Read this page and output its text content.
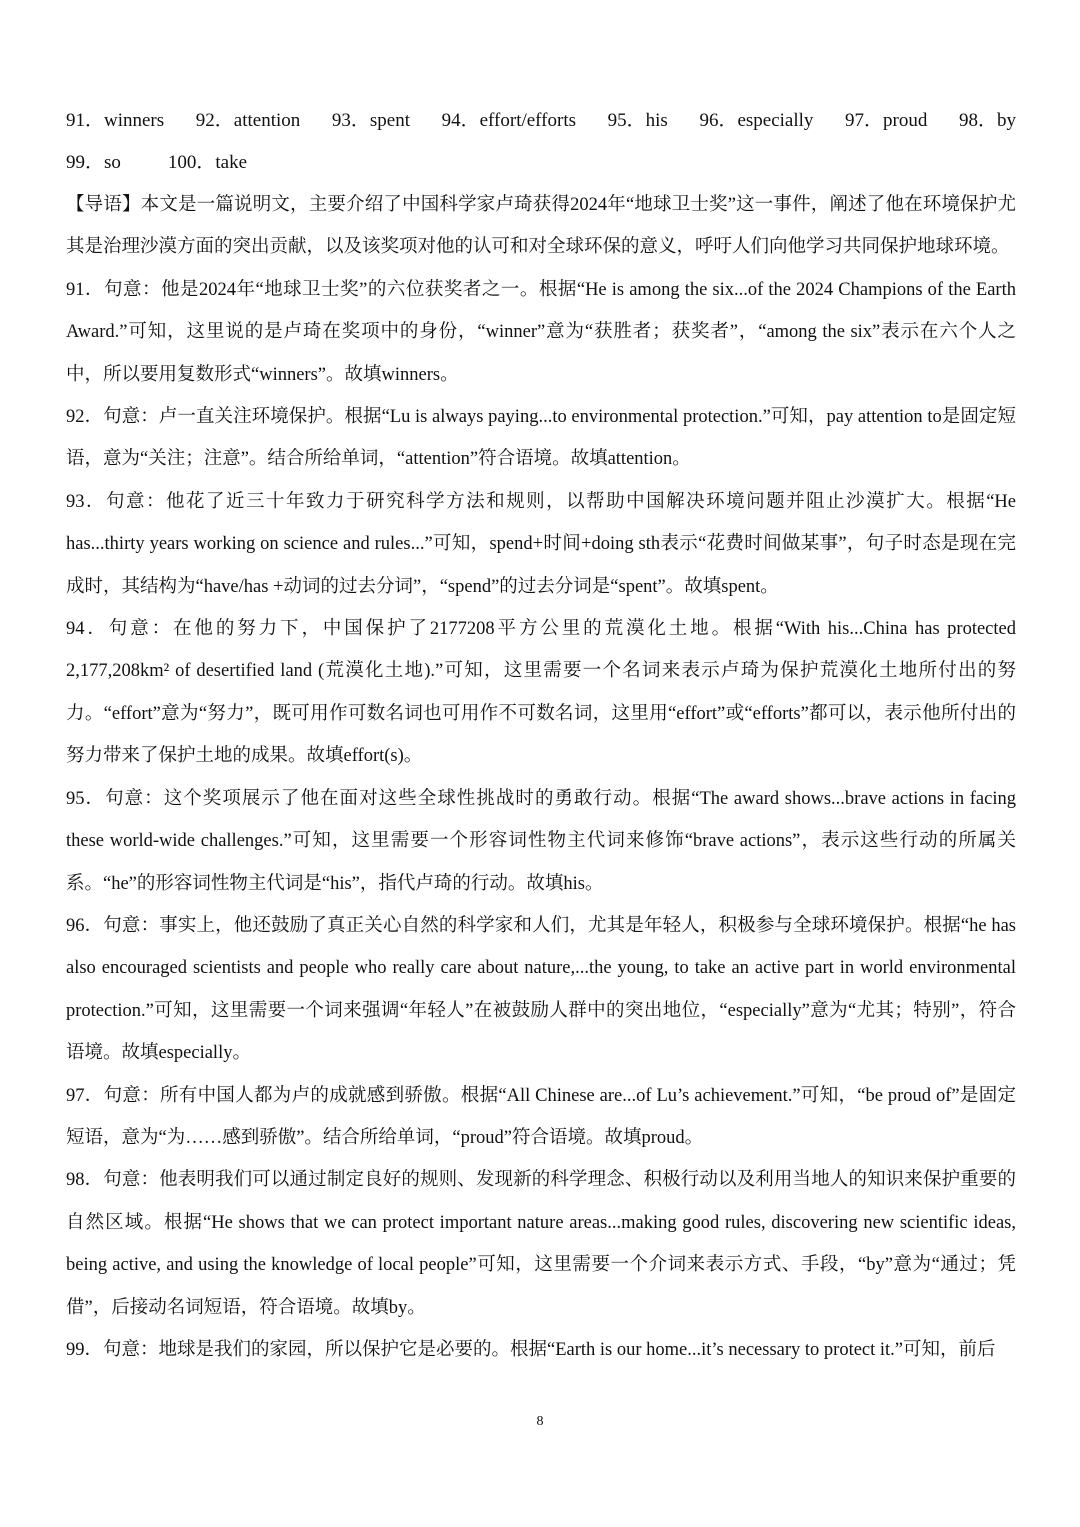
91．winners 92．attention 93．spent 94．effort/efforts 95．his 96．especially 97．proud 98．by
99．so 100．take

【导语】本文是一篇说明文，主要介绍了中国科学家卢琦获得2024年“地球卫士奖”这一事件，阐述了他在环境保护尤其是治理沙漠方面的突出贡献，以及该奖项对他的认可和对全球环保的意义，呼吁人们向他学习共同保护地球环境。

91．句意：他是2024年“地球卫士奖”的六位获奖者之一。根据“He is among the six...of the 2024 Champions of the Earth Award.”可知，这里说的是卢琦在奖项中的身份，“winner”意为“获胜者；获奖者”，“among the six”表示在六个人之中，所以要用复数形式“winners”。故填winners。

92．句意：卢一直关注环境保护。根据“Lu is always paying...to environmental protection.”可知，pay attention to是固定短语，意为“关注；注意”。结合所给单词，“attention”符合语境。故填attention。

93．句意：他花了近三十年致力于研究科学方法和规则，以帮助中国解决环境问题并阻止沙漠扩大。根据“He has...thirty years working on science and rules...”可知，spend+时间+doing sth表示“花费时间做某事”，句子时态是现在完成时，其结构为“have/has +动词的过去分词”，“spend”的过去分词是“spent”。故填spent。

94．句意：在他的努力下，中国保护了2177208平方公里的荒漠化土地。根据“With his...China has protected 2,177,208km² of desertified land (荒漠化土地).”可知，这里需要一个名词来表示卢琦为保护荒漠化土地所付出的努力。“effort”意为“努力”，既可用作可数名词也可用作不可数名词，这里用“effort”或“efforts”都可以，表示他所付出的努力带来了保护土地的成果。故填effort(s)。

95．句意：这个奖项展示了他在面对这些全球性挑战时的勇敢行动。根据“The award shows...brave actions in facing these world-wide challenges.”可知，这里需要一个形容词性物主代词来修饰“brave actions”，表示这些行动的所属关系。“he”的形容词性物主代词是“his”，指代卢琦的行动。故填his。

96．句意：事实上，他还鼓励了真正关心自然的科学家和人们，尤其是年轻人，积极参与全球环境保护。根据“he has also encouraged scientists and people who really care about nature,...the young, to take an active part in world environmental protection.”可知，这里需要一个词来强调“年轻人”在被鼓励人群中的突出地位，“especially”意为“尤其；特别”，符合语境。故填especially。

97．句意：所有中国人都为卢的成就感到骄傲。根据“All Chinese are...of Lu’s achievement.”可知，“be proud of”是固定短语，意为“为……感到骄傲”。结合所给单词，“proud”符合语境。故填proud。

98．句意：他表明我们可以通过制定良好的规则、发现新的科学理念、积极行动以及利用当地人的知识来保护重要的自然区域。根据“He shows that we can protect important nature areas...making good rules, discovering new scientific ideas, being active, and using the knowledge of local people”可知，这里需要一个介词来表示方式、手段，“by”意为“通过；凭借”，后接动名词短语，符合语境。故填by。

99．句意：地球是我们的家园，所以保护它是必要的。根据“Earth is our home...it’s necessary to protect it.”可知，前后

8
